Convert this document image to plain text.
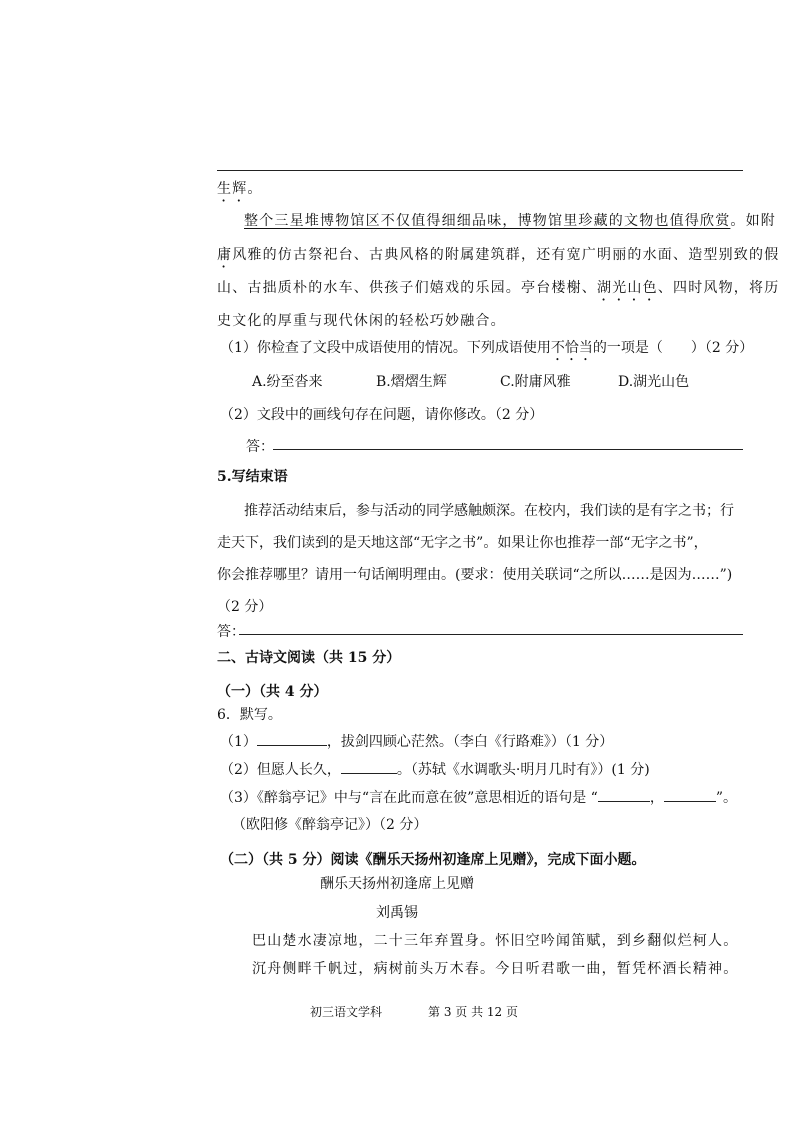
生辉。
整个三星堆博物馆区不仅值得细细品味，博物馆里珍藏的文物也值得欣赏。如附
庸风雅的仿古祭祀台、古典风格的附属建筑群，还有宽广明丽的水面、造型别致的假
山、古拙质朴的水车、供孩子们嬉戏的乐园。亭台楼榭、湖光山色、四时风物，将历
史文化的厚重与现代休闲的轻松巧妙融合。
（1）你检查了文段中成语使用的情况。下列成语使用不恰当的一项是（　　）（2 分）
A.纷至沓来	B.熠熠生辉	C.附庸风雅	D.湖光山色
（2）文段中的画线句存在问题，请你修改。（2 分）
答：
5.写结束语
推荐活动结束后，参与活动的同学感触颇深。在校内，我们读的是有字之书；行
走天下，我们读到的是天地这部“无字之书”。如果让你也推荐一部“无字之书”，
你会推荐哪里？请用一句话阐明理由。(要求：使用关联词“之所以……是因为……”)
（2 分）
答：
二、古诗文阅读（共 15 分）
（一）（共 4 分）
6．默写。
（1）	，拔剑四顾心茫然。（李白《行路难》）（1 分）
（2）但愿人长久，	。（苏轼《水调歌头·明月几时有》）(1 分)
（3）《醉翁亭记》中与“言在此而意在彼”意思相近的语句是 “	，	”。
（欧阳修《醉翁亭记》）（2 分）
（二）（共 5 分）阅读《酬乐天扬州初逢席上见赠》，完成下面小题。
酬乐天扬州初逢席上见赠
刘禹锡
巴山楚水凄凉地，二十三年弃置身。怀旧空吟闻笛赋，到乡翻似烂柯人。
沉舟侧畔千帆过，病树前头万木春。今日听君歌一曲，暂凭杯酒长精神。
初三语文学科	第 3 页 共 12 页
